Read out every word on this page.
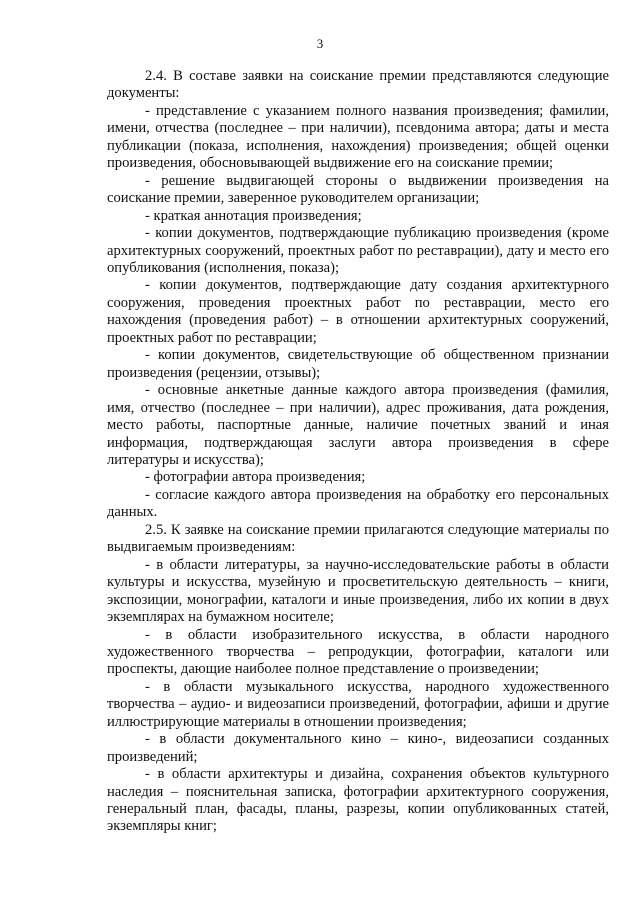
3

2.4. В составе заявки на соискание премии представляются следующие документы:

- представление с указанием полного названия произведения; фамилии, имени, отчества (последнее – при наличии), псевдонима автора; даты и места публикации (показа, исполнения, нахождения) произведения; общей оценки произведения, обосновывающей выдвижение его на соискание премии;

- решение выдвигающей стороны о выдвижении произведения на соискание премии, заверенное руководителем организации;

- краткая аннотация произведения;

- копии документов, подтверждающие публикацию произведения (кроме архитектурных сооружений, проектных работ по реставрации), дату и место его опубликования (исполнения, показа);

- копии документов, подтверждающие дату создания архитектурного сооружения, проведения проектных работ по реставрации, место его нахождения (проведения работ) – в отношении архитектурных сооружений, проектных работ по реставрации;

- копии документов, свидетельствующие об общественном признании произведения (рецензии, отзывы);

- основные анкетные данные каждого автора произведения (фамилия, имя, отчество (последнее – при наличии), адрес проживания, дата рождения, место работы, паспортные данные, наличие почетных званий и иная информация, подтверждающая заслуги автора произведения в сфере литературы и искусства);

- фотографии автора произведения;

- согласие каждого автора произведения на обработку его персональных данных.

2.5. К заявке на соискание премии прилагаются следующие материалы по выдвигаемым произведениям:

- в области литературы, за научно-исследовательские работы в области культуры и искусства, музейную и просветительскую деятельность – книги, экспозиции, монографии, каталоги и иные произведения, либо их копии в двух экземплярах на бумажном носителе;

- в области изобразительного искусства, в области народного художественного творчества – репродукции, фотографии, каталоги или проспекты, дающие наиболее полное представление о произведении;

- в области музыкального искусства, народного художественного творчества – аудио- и видеозаписи произведений, фотографии, афиши и другие иллюстрирующие материалы в отношении произведения;

- в области документального кино – кино-, видеозаписи созданных произведений;

- в области архитектуры и дизайна, сохранения объектов культурного наследия – пояснительная записка, фотографии архитектурного сооружения, генеральный план, фасады, планы, разрезы, копии опубликованных статей, экземпляры книг;
